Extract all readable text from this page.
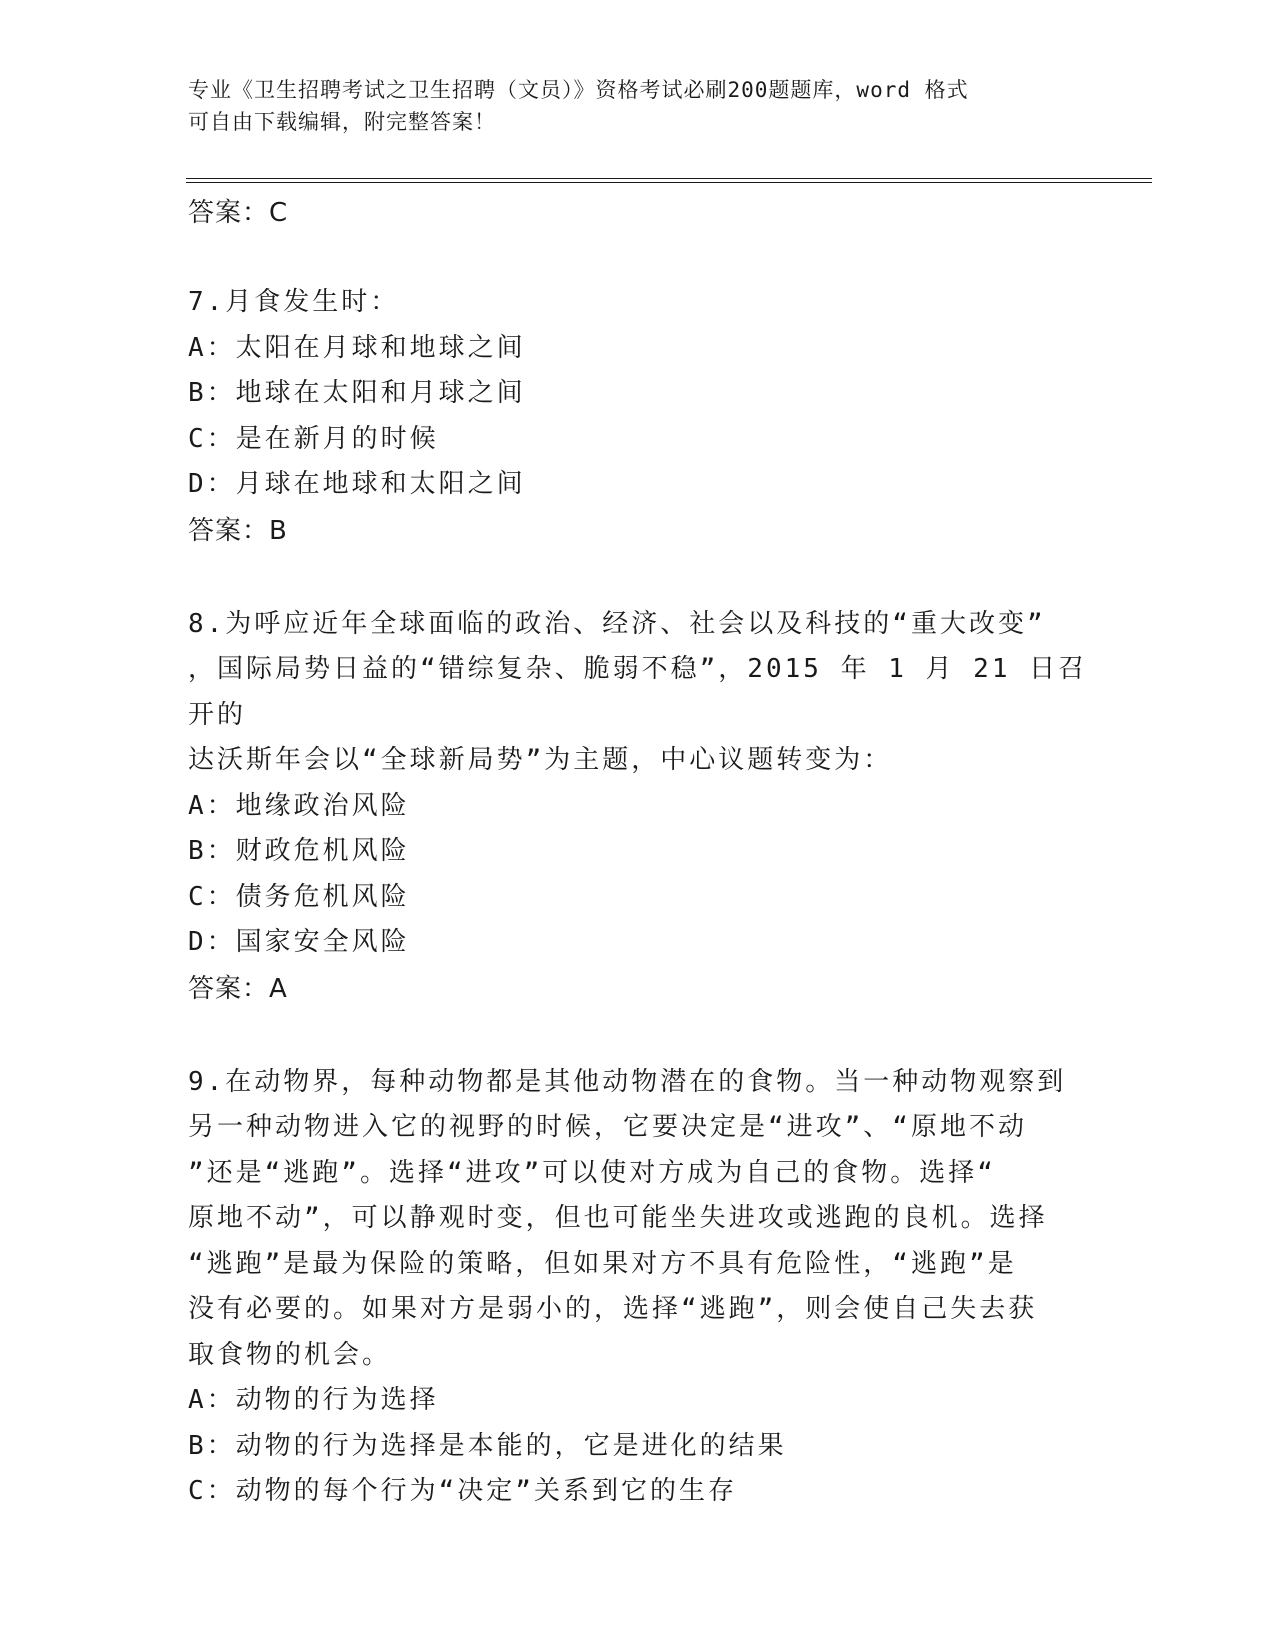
专业《卫生招聘考试之卫生招聘（文员）》资格考试必刷200题题库，word 格式
可自由下载编辑，附完整答案！

答案：C

7.月食发生时：

A：太阳在月球和地球之间

B：地球在太阳和月球之间

C：是在新月的时候

D：月球在地球和太阳之间

答案：B

8.为呼应近年全球面临的政治、经济、社会以及科技的“重大改变”

，国际局势日益的“错综复杂、脆弱不稳”，2015 年 1 月 21 日召开的

达沃斯年会以“全球新局势”为主题，中心议题转变为：

A：地缘政治风险

B：财政危机风险

C：债务危机风险

D：国家安全风险

答案：A

9.在动物界，每种动物都是其他动物潜在的食物。当一种动物观察到

另一种动物进入它的视野的时候，它要决定是“进攻”、“原地不动

”还是“逃跑”。选择“进攻”可以使对方成为自己的食物。选择“

原地不动”，可以静观时变，但也可能坐失进攻或逃跑的良机。选择

“逃跑”是最为保险的策略，但如果对方不具有危险性，“逃跑”是

没有必要的。如果对方是弱小的，选择“逃跑”，则会使自己失去获

取食物的机会。

A：动物的行为选择

B：动物的行为选择是本能的，它是进化的结果

C：动物的每个行为“决定”关系到它的生存
